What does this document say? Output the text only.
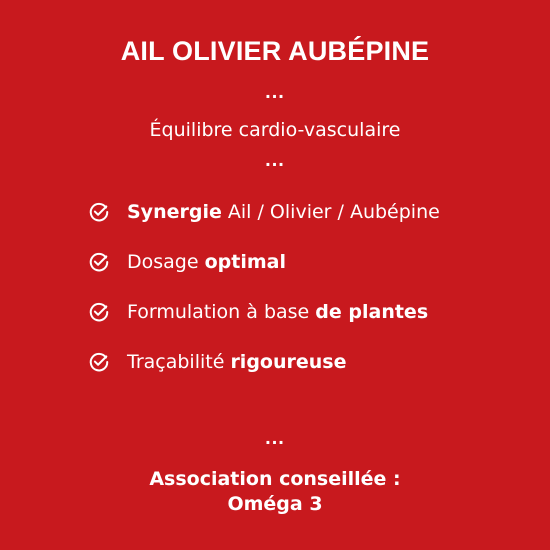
AIL OLIVIER AUBÉPINE
...
Équilibre cardio-vasculaire
...
Synergie Ail / Olivier / Aubépine
Dosage optimal
Formulation à base de plantes
Traçabilité rigoureuse
...
Association conseillée :
Oméga 3
